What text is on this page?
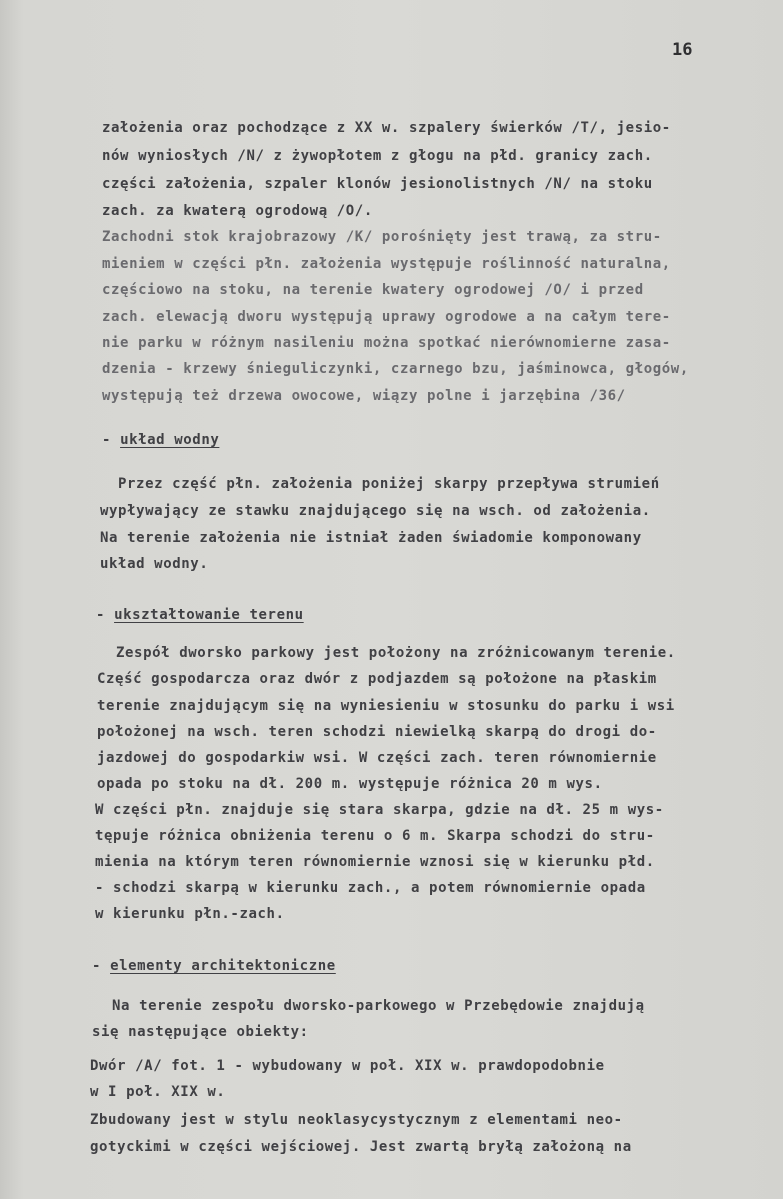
16
założenia oraz pochodzące z XX w. szpalery świerków /T/, jesio-
nów wyniosłych /N/ z żywopłotem z głogu na płd. granicy zach.
części założenia, szpaler klonów jesionolistnych /N/ na stoku
zach. za kwaterą ogrodową /O/.
Zachodni stok krajobrazowy /K/ porośnięty jest trawą, za stru-
mieniem w części płn. założenia występuje roślinność naturalna,
częściowo na stoku, na terenie kwatery ogrodowej /O/ i przed
zach. elewacją dworu występują uprawy ogrodowe a na całym tere-
nie parku w różnym nasileniu można spotkać nierównomierne zasa-
dzenia - krzewy śnieguliczynki, czarnego bzu, jaśminowca, głogów,
występują też drzewa owocowe, wiązy polne i jarzębina /36/
- układ wodny
Przez część płn. założenia poniżej skarpy przepływa strumień
wypływający ze stawku znajdującego się na wsch. od założenia.
Na terenie założenia nie istniał żaden świadomie komponowany
układ wodny.
- ukształtowanie terenu
Zespół dworsko parkowy jest położony na zróżnicowanym terenie.
Część gospodarcza oraz dwór z podjazdem są położone na płaskim
terenie znajdującym się na wyniesieniu w stosunku do parku i wsi
położonej na wsch. teren schodzi niewielką skarpą do drogi do-
jazdowej do gospodarkiw wsi. W części zach. teren równomiernie
opada po stoku na dł. 200 m. występuje różnica 20 m wys.
W części płn. znajduje się stara skarpa, gdzie na dł. 25 m wys-
tępuje różnica obniżenia terenu o 6 m. Skarpa schodzi do stru-
mienia na którym teren równomiernie wznosi się w kierunku płd.
- schodzi skarpą w kierunku zach., a potem równomiernie opada
w kierunku płn.-zach.
- elementy architektoniczne
Na terenie zespołu dworsko-parkowego w Przebędowie znajdują
się następujące obiekty:
Dwór /A/ fot. 1 - wybudowany w poł. XIX w. prawdopodobnie
w I poł. XIX w.
Zbudowany jest w stylu neoklasycystycznym z elementami neo-
gotyckimi w części wejściowej. Jest zwartą bryłą założoną na
